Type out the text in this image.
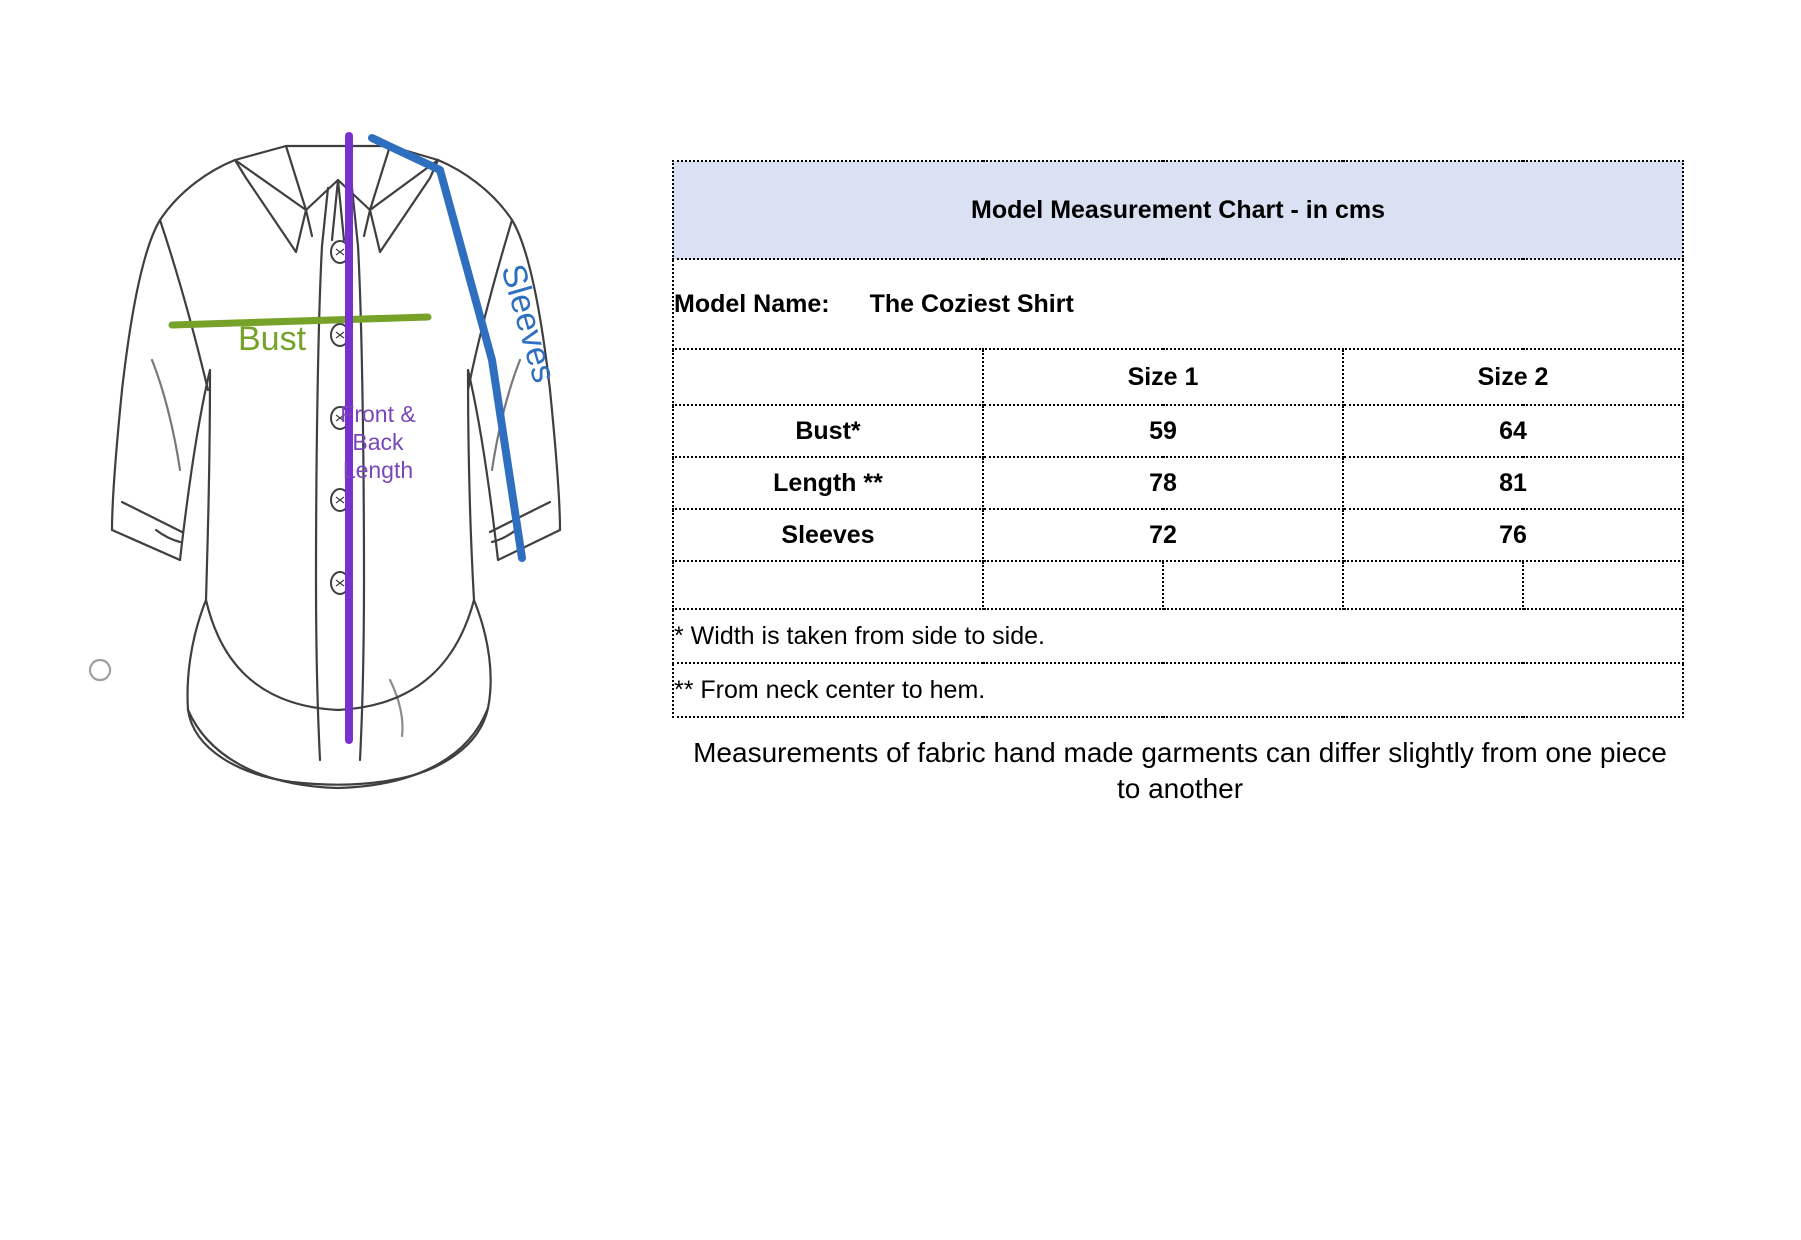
Bust	Sleeves
Front &
Back
Length
Model Measurement Chart - in cms				
Model Name: The Coziest Shirt				
	Size 1		Size 2	
Bust*	59		64	
Length **	78		81	
Sleeves	72		76	

* Width is taken from side to side.				
** From neck center to hem.				
Measurements of fabric hand made garments can differ slightly from one piece to another
